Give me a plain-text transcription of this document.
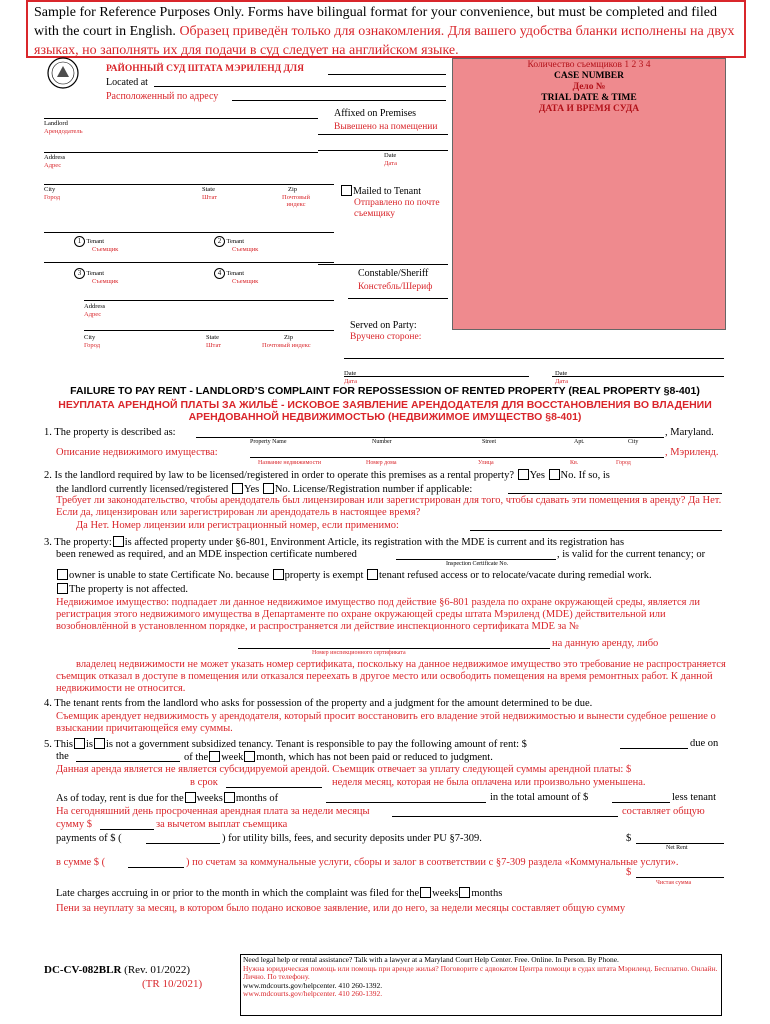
Sample for Reference Purposes Only. Forms have bilingual format for your convenience, but must be completed and filed with the court in English. Образец приведён только для ознакомления. Для вашего удобства бланки исполнены на двух языках, но заполнять их для подачи в суд следует на английском языке.
РАЙОННЫЙ СУД ШТАТА МЭРИЛЕНД ДЛЯ
Located at
Расположенный по адресу
Количество съемщиков 1 2 3 4
CASE NUMBER
Дело №
TRIAL DATE & TIME
ДАТА И ВРЕМЯ СУДА
Landlord
Арендодатель
Address
Адрес
City
Город
State
Штат
Zip
Почтовый индекс
1 Tenant
Съемщик
2 Tenant
Съемщик
3 Tenant
Съемщик
4 Tenant
Съемщик
Address
Адрес
City
Город
State
Штат
Zip
Почтовый индекс
Affixed on Premises
Вывешено на помещении
Date
Дата
Mailed to Tenant
Отправлено по почте съемщику
Constable/Sheriff
Констебль/Шериф
Served on Party:
Вручено стороне:
Date
Дата
Date
Дата
FAILURE TO PAY RENT - LANDLORD’S COMPLAINT FOR REPOSSESSION OF RENTED PROPERTY (REAL PROPERTY §8-401)
НЕУПЛАТА АРЕНДНОЙ ПЛАТЫ ЗА ЖИЛЬЁ - ИСКОВОЕ ЗАЯВЛЕНИЕ АРЕНДОДАТЕЛЯ ДЛЯ ВОССТАНОВЛЕНИЯ ВО ВЛАДЕНИИ АРЕНДОВАННОЙ НЕДВИЖИМОСТЬЮ (НЕДВИЖИМОЕ ИМУЩЕСТВО §8-401)
1. The property is described as:	, Maryland.
Property Name	Number	Street	Apt.	City
Описание недвижимого имущества:	, Мэриленд.
Название недвижимости	Номер дома	Улица	Кв.	Город
2. Is the landlord required by law to be licensed/registered in order to operate this premises as a rental property? Yes No. If so, is
the landlord currently licensed/registered Yes No. License/Registration number if applicable:
Требует ли законодательство, чтобы арендодатель был лицензирован или зарегистрирован для того, чтобы сдавать эти помещения в аренду? Да Нет. Если да, лицензирован или зарегистрирован ли арендодатель в настоящее время?
Да Нет. Номер лицензии или регистрационный номер, если применимо:
3. The property: is affected property under §6-801, Environment Article, its registration with the MDE is current and its registration has
been renewed as required, and an MDE inspection certificate numbered	, is valid for the current tenancy; or
Inspection Certificate No.
owner is unable to state Certificate No. because property is exempt tenant refused access or to relocate/vacate during remedial work.
The property is not affected.
Недвижимое имущество: подпадает ли данное недвижимое имущество под действие §6-801 раздела по охране окружающей среды, является ли регистрация этого недвижимого имущества в Департаменте по охране окружающей среды штата Мэриленд (MDE) действительной или возобновлённой в установленном порядке, и распространяется ли действие инспекционного сертификата MDE за №
на данную аренду, либо
Номер инспекционного сертификата
владелец недвижимости не может указать номер сертификата, поскольку на данное недвижимое имущество это требование не распространяется съемщик отказал в доступе в помещения или отказался переехать в другое место или освободить помещения на время ремонтных работ. К данной недвижимости не относится.
4. The tenant rents from the landlord who asks for possession of the property and a judgment for the amount determined to be due.
Съемщик арендует недвижимость у арендодателя, который просит восстановить его владение этой недвижимостью и вынести судебное решение о взыскании причитающейся ему суммы.
5. This is is not a government subsidized tenancy. Tenant is responsible to pay the following amount of rent: $	due on
the	of the week month, which has not been paid or reduced to judgment.
Данная аренда является не является субсидируемой арендой. Съемщик отвечает за уплату следующей суммы арендной платы: $
в срок	неделя месяц, которая не была оплачена или произвольно уменьшена.
As of today, rent is due for the weeks months of	in the total amount of $	less tenant
На сегодняшний день просроченная арендная плата за недели месяцы	составляет общую
сумму $	за вычетом выплат съемщика
payments of $ (	) for utility bills, fees, and security deposits under PU §7-309.	$
Net Rent
в сумме $ (	) по счетам за коммунальные услуги, сборы и залог в соответствии с §7-309 раздела «Коммунальные услуги».
$
Чистая сумма
Late charges accruing in or prior to the month in which the complaint was filed for the weeks months
Пени за неуплату за месяц, в котором было подано исковое заявление, или до него, за недели месяцы составляет общую сумму
DC-CV-082BLR (Rev. 01/2022)
(TR 10/2021)
Need legal help or rental assistance? Talk with a lawyer at a Maryland Court Help Center. Free. Online. In Person. By Phone.
Нужна юридическая помощь или помощь при аренде жилья? Поговорите с адвокатом Центра помощи в судах штата Мэриленд. Бесплатно. Онлайн. Лично. По телефону.
www.mdcourts.gov/helpcenter. 410 260-1392.
www.mdcourts.gov/helpcenter. 410 260-1392.
